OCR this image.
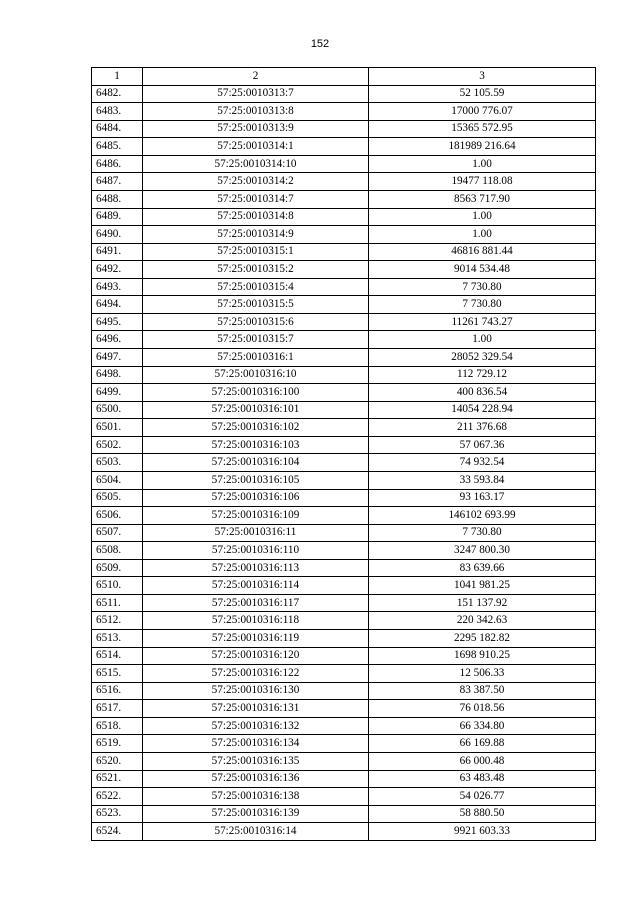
152
1	2	3
6482.	57:25:0010313:7	52 105.59
6483.	57:25:0010313:8	17000 776.07
6484.	57:25:0010313:9	15365 572.95
6485.	57:25:0010314:1	181989 216.64
6486.	57:25:0010314:10	1.00
6487.	57:25:0010314:2	19477 118.08
6488.	57:25:0010314:7	8563 717.90
6489.	57:25:0010314:8	1.00
6490.	57:25:0010314:9	1.00
6491.	57:25:0010315:1	46816 881.44
6492.	57:25:0010315:2	9014 534.48
6493.	57:25:0010315:4	7 730.80
6494.	57:25:0010315:5	7 730.80
6495.	57:25:0010315:6	11261 743.27
6496.	57:25:0010315:7	1.00
6497.	57:25:0010316:1	28052 329.54
6498.	57:25:0010316:10	112 729.12
6499.	57:25:0010316:100	400 836.54
6500.	57:25:0010316:101	14054 228.94
6501.	57:25:0010316:102	211 376.68
6502.	57:25:0010316:103	57 067.36
6503.	57:25:0010316:104	74 932.54
6504.	57:25:0010316:105	33 593.84
6505.	57:25:0010316:106	93 163.17
6506.	57:25:0010316:109	146102 693.99
6507.	57:25:0010316:11	7 730.80
6508.	57:25:0010316:110	3247 800.30
6509.	57:25:0010316:113	83 639.66
6510.	57:25:0010316:114	1041 981.25
6511.	57:25:0010316:117	151 137.92
6512.	57:25:0010316:118	220 342.63
6513.	57:25:0010316:119	2295 182.82
6514.	57:25:0010316:120	1698 910.25
6515.	57:25:0010316:122	12 506.33
6516.	57:25:0010316:130	83 387.50
6517.	57:25:0010316:131	76 018.56
6518.	57:25:0010316:132	66 334.80
6519.	57:25:0010316:134	66 169.88
6520.	57:25:0010316:135	66 000.48
6521.	57:25:0010316:136	63 483.48
6522.	57:25:0010316:138	54 026.77
6523.	57:25:0010316:139	58 880.50
6524.	57:25:0010316:14	9921 603.33
